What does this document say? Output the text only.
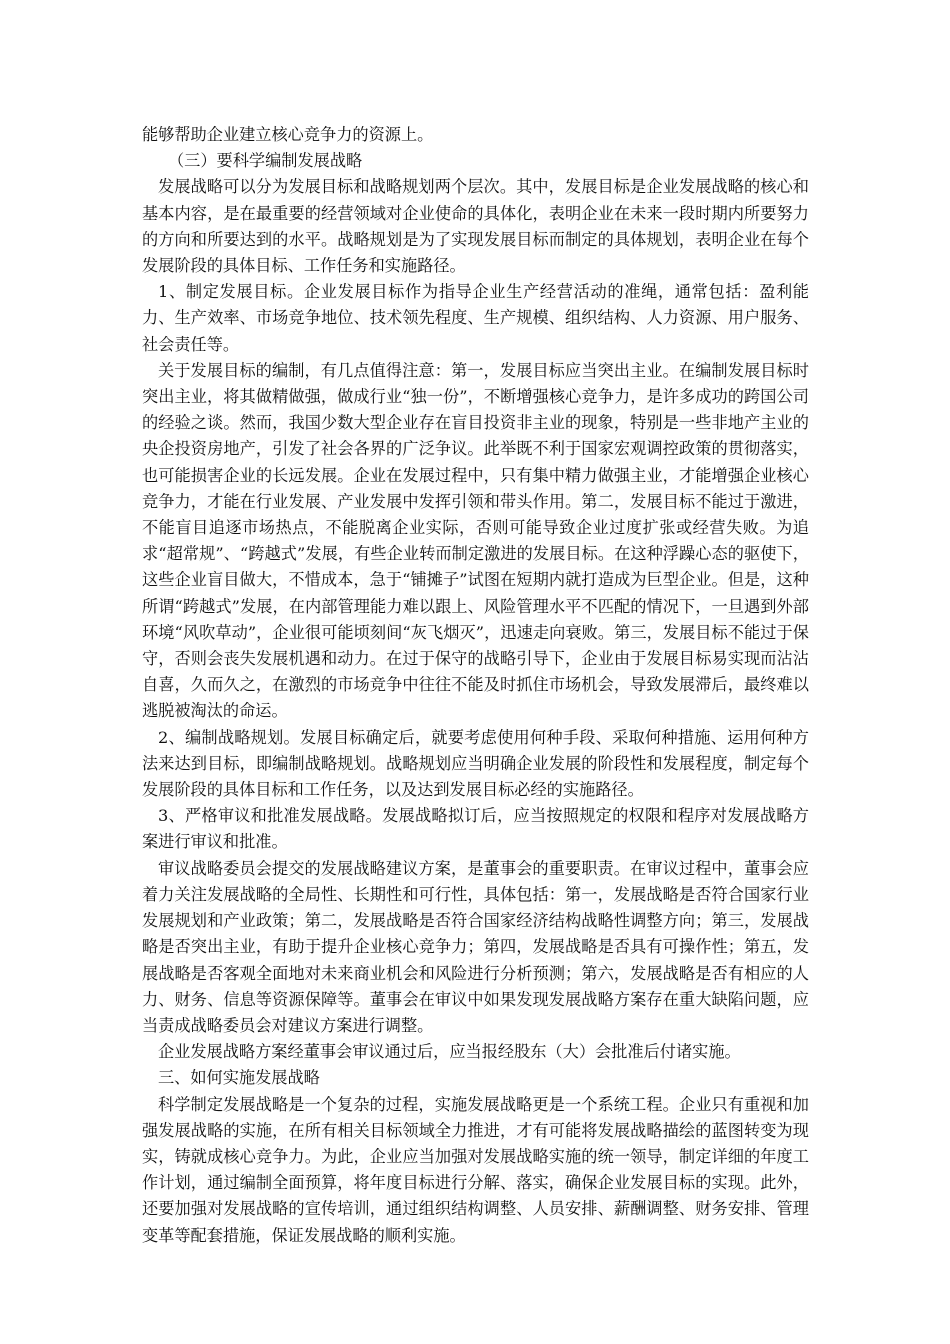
能够帮助企业建立核心竞争力的资源上。

（三）要科学编制发展战略

发展战略可以分为发展目标和战略规划两个层次。其中，发展目标是企业发展战略的核心和基本内容，是在最重要的经营领域对企业使命的具体化，表明企业在未来一段时期内所要努力的方向和所要达到的水平。战略规划是为了实现发展目标而制定的具体规划，表明企业在每个发展阶段的具体目标、工作任务和实施路径。

1、制定发展目标。企业发展目标作为指导企业生产经营活动的准绳，通常包括：盈利能力、生产效率、市场竞争地位、技术领先程度、生产规模、组织结构、人力资源、用户服务、社会责任等。

关于发展目标的编制，有几点值得注意：第一，发展目标应当突出主业。在编制发展目标时突出主业，将其做精做强，做成行业“独一份”，不断增强核心竞争力，是许多成功的跨国公司的经验之谈。然而，我国少数大型企业存在盲目投资非主业的现象，特别是一些非地产主业的央企投资房地产，引发了社会各界的广泛争议。此举既不利于国家宏观调控政策的贯彻落实，也可能损害企业的长远发展。企业在发展过程中，只有集中精力做强主业，才能增强企业核心竞争力，才能在行业发展、产业发展中发挥引领和带头作用。第二，发展目标不能过于激进，不能盲目追逐市场热点，不能脱离企业实际，否则可能导致企业过度扩张或经营失败。为追求“超常规”、“跨越式”发展，有些企业转而制定激进的发展目标。在这种浮躁心态的驱使下，这些企业盲目做大，不惜成本，急于“铺摊子”试图在短期内就打造成为巨型企业。但是，这种所谓“跨越式”发展，在内部管理能力难以跟上、风险管理水平不匹配的情况下，一旦遇到外部环境“风吹草动”，企业很可能顷刻间“灰飞烟灭”，迅速走向衰败。第三，发展目标不能过于保守，否则会丧失发展机遇和动力。在过于保守的战略引导下，企业由于发展目标易实现而沾沾自喜，久而久之，在激烈的市场竞争中往往不能及时抓住市场机会，导致发展滞后，最终难以逃脱被淘汰的命运。

2、编制战略规划。发展目标确定后，就要考虑使用何种手段、采取何种措施、运用何种方法来达到目标，即编制战略规划。战略规划应当明确企业发展的阶段性和发展程度，制定每个发展阶段的具体目标和工作任务，以及达到发展目标必经的实施路径。

3、严格审议和批准发展战略。发展战略拟订后，应当按照规定的权限和程序对发展战略方案进行审议和批准。

审议战略委员会提交的发展战略建议方案，是董事会的重要职责。在审议过程中，董事会应着力关注发展战略的全局性、长期性和可行性，具体包括：第一，发展战略是否符合国家行业发展规划和产业政策；第二，发展战略是否符合国家经济结构战略性调整方向；第三，发展战略是否突出主业，有助于提升企业核心竞争力；第四，发展战略是否具有可操作性；第五，发展战略是否客观全面地对未来商业机会和风险进行分析预测；第六，发展战略是否有相应的人力、财务、信息等资源保障等。董事会在审议中如果发现发展战略方案存在重大缺陷问题，应当责成战略委员会对建议方案进行调整。

企业发展战略方案经董事会审议通过后，应当报经股东（大）会批准后付诸实施。

三、如何实施发展战略

科学制定发展战略是一个复杂的过程，实施发展战略更是一个系统工程。企业只有重视和加强发展战略的实施，在所有相关目标领域全力推进，才有可能将发展战略描绘的蓝图转变为现实，铸就成核心竞争力。为此，企业应当加强对发展战略实施的统一领导，制定详细的年度工作计划，通过编制全面预算，将年度目标进行分解、落实，确保企业发展目标的实现。此外，还要加强对发展战略的宣传培训，通过组织结构调整、人员安排、薪酬调整、财务安排、管理变革等配套措施，保证发展战略的顺利实施。
